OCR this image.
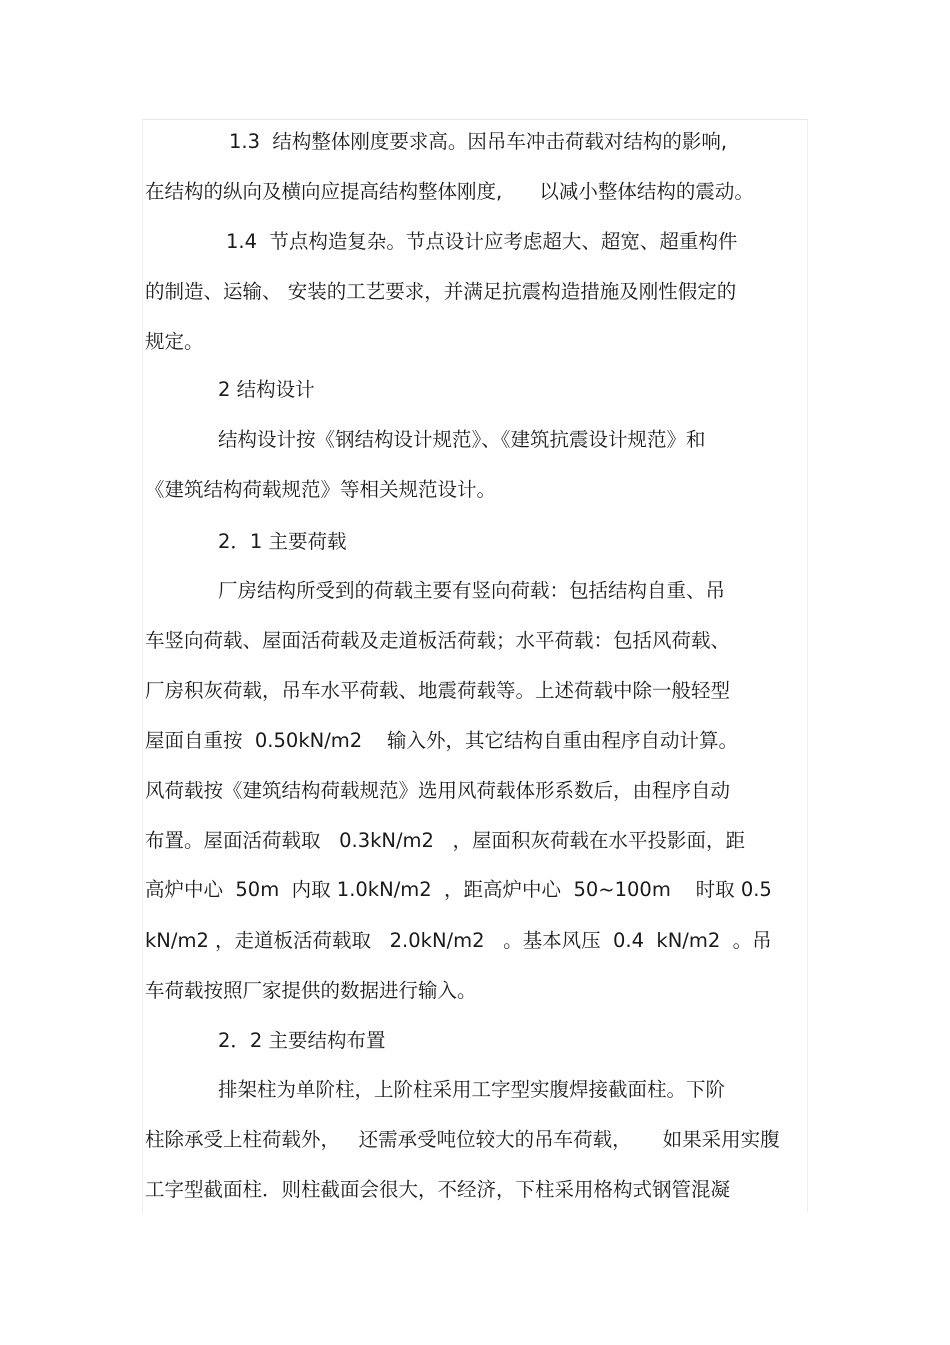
1.3  结构整体刚度要求高。因吊车冲击荷载对结构的影响,
在结构的纵向及横向应提高结构整体刚度,      以减小整体结构的震动。
1.4  节点构造复杂。节点设计应考虑超大、超宽、超重构件
的制造、运输、 安装的工艺要求，并满足抗震构造措施及刚性假定的
规定。
2 结构设计
结构设计按《钢结构设计规范》、《建筑抗震设计规范》和
《建筑结构荷载规范》等相关规范设计。
2．1 主要荷载
厂房结构所受到的荷载主要有竖向荷载：包括结构自重、吊
车竖向荷载、屋面活荷载及走道板活荷载；水平荷载：包括风荷载、
厂房积灰荷载，吊车水平荷载、地震荷载等。上述荷载中除一般轻型
屋面自重按  0.50kN/m2    输入外，其它结构自重由程序自动计算。
风荷载按《建筑结构荷载规范》选用风荷载体形系数后，由程序自动
布置。屋面活荷载取   0.3kN/m2   ，屋面积灰荷载在水平投影面，距
高炉中心  50m  内取 1.0kN/m2  ，距高炉中心  50~100m    时取 0.5
kN/m2 ，走道板活荷载取   2.0kN/m2   。基本风压  0.4  kN/m2  。吊
车荷载按照厂家提供的数据进行输入。
2．2 主要结构布置
排架柱为单阶柱，上阶柱采用工字型实腹焊接截面柱。下阶
柱除承受上柱荷载外，   还需承受吨位较大的吊车荷载，     如果采用实腹
工字型截面柱．则柱截面会很大，不经济，下柱采用格构式钢管混凝
